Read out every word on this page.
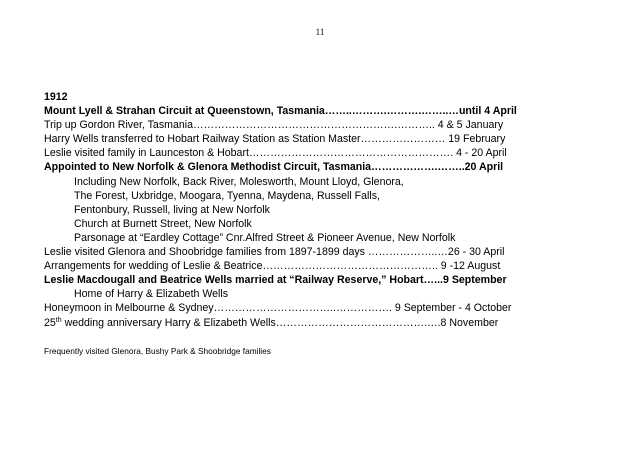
11
1912
Mount Lyell & Strahan Circuit at Queenstown, Tasmania……..……….……….……..…until 4 April
Trip up Gordon River, Tasmania………………………………………………….……….. 4 & 5 January
Harry Wells transferred to Hobart Railway Station as Station Master…………………… 19 February
Leslie visited family in Launceston & Hobart…………………………………………………. 4 - 20 April
Appointed to New Norfolk & Glenora Methodist Circuit, Tasmania……………….……..20 April
Including New Norfolk, Back River, Molesworth, Mount Lloyd, Glenora,
The Forest, Uxbridge, Moogara, Tyenna, Maydena, Russell Falls,
Fentonbury, Russell, living at New Norfolk
Church at Burnett Street, New Norfolk
Parsonage at “Eardley Cottage” Cnr.Alfred Street & Pioneer Avenue, New Norfolk
Leslie visited Glenora and Shoobridge families from 1897-1899 days ………………..…26 - 30 April
Arrangements for wedding of Leslie & Beatrice………………………………………….. 9 -12 August
Leslie Macdougall and Beatrice Wells married at “Railway Reserve,” Hobart…...9 September
Home of Harry & Elizabeth Wells
Honeymoon in Melbourne & Sydney……………………………..……………. 9 September - 4 October
25th wedding anniversary Harry & Elizabeth Wells…………………………………….….8 November
Frequently visited Glenora, Bushy Park & Shoobridge families
